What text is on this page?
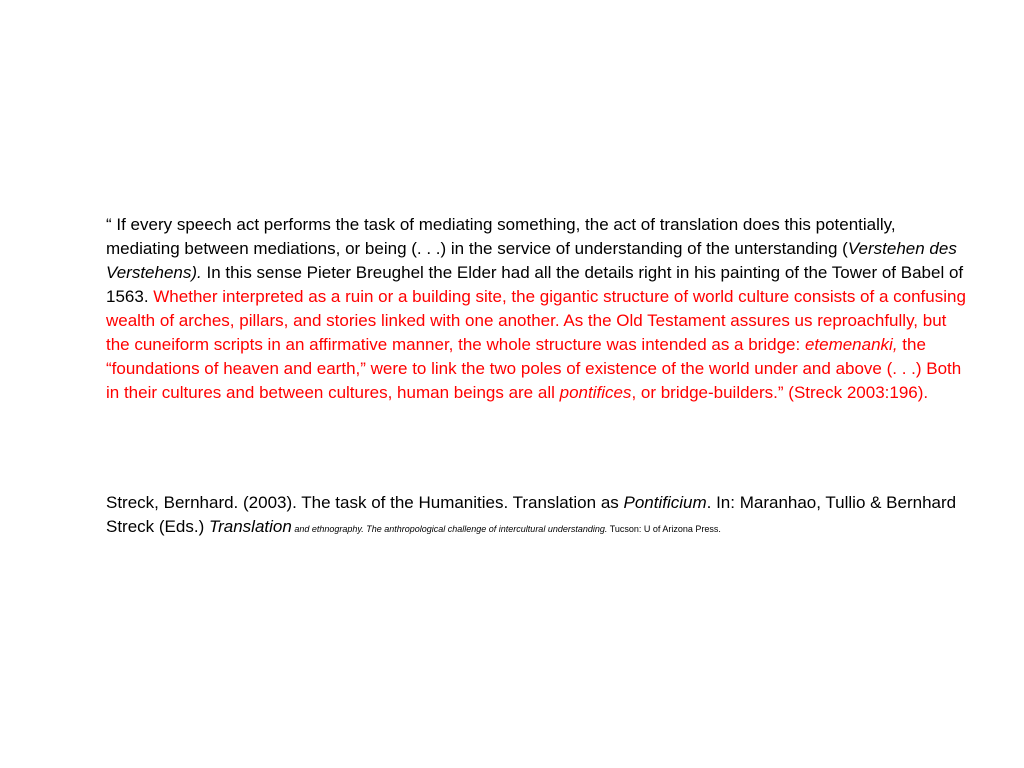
“ If every speech act performs the task of mediating something, the act of translation does this potentially, mediating between mediations, or being (. . .) in the service of understanding of the unterstanding (Verstehen des Verstehens). In this sense Pieter Breughel the Elder had all the details right in his painting of the Tower of Babel of 1563. Whether interpreted as a ruin or a building site, the gigantic structure of world culture consists of a confusing wealth of arches, pillars, and stories linked with one another. As the Old Testament assures us reproachfully, but the cuneiform scripts in an affirmative manner, the whole structure was intended as a bridge: etemenanki, the “foundations of heaven and earth,” were to link the two poles of existence of the world under and above (. . .) Both in their cultures and between cultures, human beings are all pontifices, or bridge-builders.” (Streck 2003:196).

Streck, Bernhard. (2003). The task of the Humanities. Translation as Pontificium. In: Maranhao, Tullio & Bernhard Streck (Eds.) Translation and ethnography. The anthropological challenge of intercultural understanding. Tucson: U of Arizona Press.
